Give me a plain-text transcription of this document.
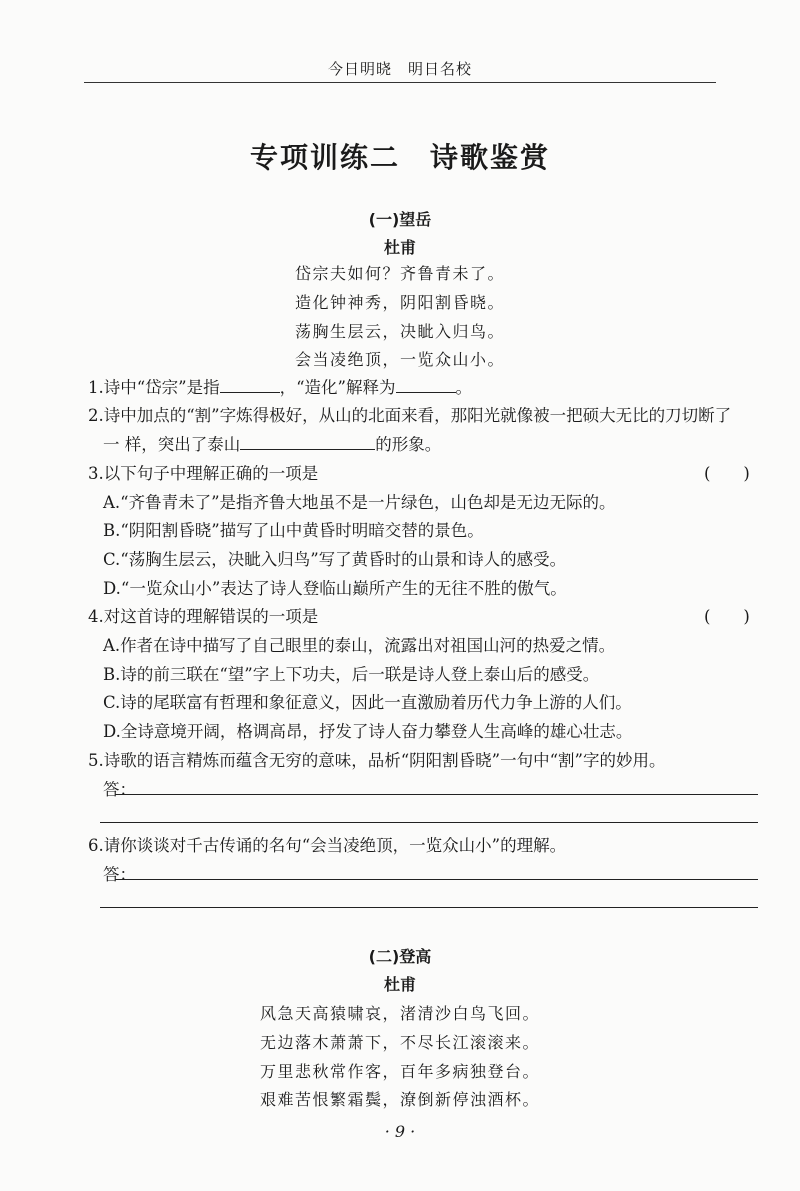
今日明晓　明日名校
专项训练二　诗歌鉴赏
(一)望岳
杜甫
岱宗夫如何？齐鲁青未了。
造化钟神秀，阴阳割昏晓。
荡胸生层云，决眦入归鸟。
会当凌绝顶，一览众山小。
1.诗中“岱宗”是指	，“造化”解释为	。
2.诗中加点的“割”字炼得极好，从山的北面来看，那阳光就像被一把硕大无比的刀切断了
一 样，突出了泰山	的形象。
3.以下句子中理解正确的一项是	(　　)
A.“齐鲁青未了”是指齐鲁大地虽不是一片绿色，山色却是无边无际的。
B.“阴阳割昏晓”描写了山中黄昏时明暗交替的景色。
C.“荡胸生层云，决眦入归鸟”写了黄昏时的山景和诗人的感受。
D.“一览众山小”表达了诗人登临山巅所产生的无往不胜的傲气。
4.对这首诗的理解错误的一项是	(　　)
A.作者在诗中描写了自己眼里的泰山，流露出对祖国山河的热爱之情。
B.诗的前三联在“望”字上下功夫，后一联是诗人登上泰山后的感受。
C.诗的尾联富有哲理和象征意义，因此一直激励着历代力争上游的人们。
D.全诗意境开阔，格调高昂，抒发了诗人奋力攀登人生高峰的雄心壮志。
5.诗歌的语言精炼而蕴含无穷的意味，品析“阴阳割昏晓”一句中“割”字的妙用。
答：
6.请你谈谈对千古传诵的名句“会当凌绝顶，一览众山小”的理解。
答：
(二)登高
杜甫
风急天高猿啸哀，渚清沙白鸟飞回。
无边落木萧萧下，不尽长江滚滚来。
万里悲秋常作客，百年多病独登台。
艰难苦恨繁霜鬓，潦倒新停浊酒杯。
· 9 ·
